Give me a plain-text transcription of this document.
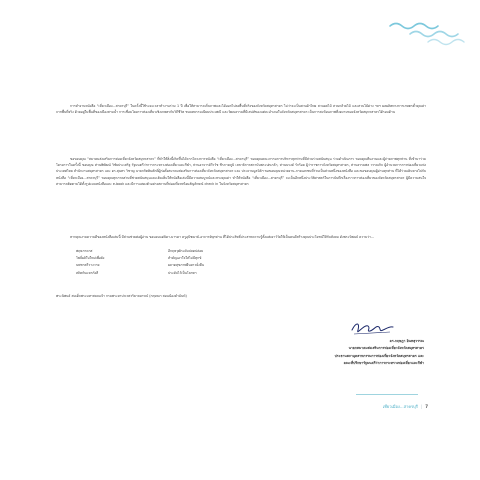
การทำงานหนังสือ “เที่ยวเมือง...สาครบุรี” ในครั้งนี้ใช้ระยะเวลาทำงานร่วม 1 ปี เพื่อให้สามารถเก็บภาพและได้ออกไปลงพื้นที่จริงของจังหวัดสมุทรสาคร ไม่ว่าจะเป็นสวนผ้าไทย สวนผลไม้ สวนกล้วยไม้ และสวนไม้ด่าง ฯลฯ ผลผลิตทางการเกษตรตั้วคุณค่าจากพื้นที่จริง ด้วยอยู่ในพื้นที่ของเมืองสามน้ำ การเชื่อมโยงการท่องเที่ยวเชิงเกษตรกับวิถีชีวิต ชนบทธรรมเนียมประเพณี และวัฒนธรรมที่มีเสน่ห์ของแต่ละอำเภอในจังหวัดสมุทรสาคร เป็นการสะท้อนภาพที่งดงามของจังหวัดสมุทรสาครได้รอบด้าน

ขอขอบคุณ “สมาคมส่งเสริมการท่องเที่ยวจังหวัดสมุทรสาคร” ที่ทำให้สิ่งนี้เกิดขึ้นได้จากโครงการหนังสือ “เที่ยวเมือง...สาครบุรี” ขอบคุณคณะกรรมการบริหารทุกท่านที่มีส่วนร่วมสนับสนุน ร่วมดำเนินการ ขอบคุณทีมงานและผู้ถ่ายภาพทุกท่าน ที่เข้ามาร่วมโครงการในครั้งนี้ ขอบคุณ ท่านพิพัฒน์ วิชัยประเสริฐ รัฐมนตรีว่าการกระทรวงท่องเที่ยวและกีฬา, ท่านอาจารย์วีรวัช ชีรภาคภูมิ เลขาธิการสถาบันพระปกเกล้า, ท่านนรงค์ รักร้อย ผู้ว่าราชการจังหวัดสมุทรสาคร, ท่านธรรมพล วรรณกิจ ผู้อำนวยการการท่องเที่ยวแห่งประเทศไทย สำนักงานสมุทรสาคร และ ดร.สุนทร วิชาญ นายกกิตติมศักดิ์ผู้ก่อตั้งสมาคมส่งเสริมการท่องเที่ยวจังหวัดสมุทรสาคร และ ประธานมูลนิธิฯ ขอขอบคุณหน่วยงาน-ภาคเอกชนที่ร่วมเป็นส่วนหนึ่งของหนังสือ และขอขอบคุณผู้อ่านทุกท่าน ที่ได้ร่วมเดินทางไปกับหนังสือ “เที่ยวเมือง...สาครบุรี” ขอบคุณทุกภาคส่วนที่ช่วยสนับสนุนและเติมเต็มให้หนังสือเล่มนี้มีความสมบูรณ์และทรงคุณค่า ทำให้หนังสือ “เที่ยวเมือง...สาครบุรี” จะเป็นอีกหนึ่งประวัติศาสตร์ในการบันทึกเรื่องราวการท่องเที่ยวของจังหวัดสมุทรสาคร ผู้มีความสนใจสามารถติดตามได้ทั้งรูปแบบหนังสือและ e-book และมีการแสดงตัวอย่างสถานที่ท่องเที่ยวพร้อมสัญลักษณ์ check in ในจังหวัดสมุทรสาคร

หากคุณงามความดีของหนังสือเล่มนี้ มีส่วนช่วยต่อผู้อ่าน ขอมอบแด่บิดา-มารดา ครูอุปัชฌาย์-อาจารย์ทุกท่าน ที่ได้ประสิทธิ์ประสาทความรู้ตั้งแต่เยาว์วัยให้เป็นคนดีสร้างคุณประโยชน์ให้กับสังคม ดังพระนิพนธ์ ความว่า...

พฤษภาคาส	อีกฤษวุฒิระดับปลดปล่อย
โพธิ์ผลิใบใหม่เพื่อยัง	สำคัญเอาใจใส่ไม่มีทุกข์
นพชาตรีวางวาย	ผลาดสุขภาพยืนยาวยั่งยืน
สถิตกันแทรกังสี	ประดับไว้เป็นโลกทา
พระนิพนธ์ สมเด็จพระมหาสมณเจ้า กรมพระยาปวเรศวริยาลงกรณ์ (กฤษณา สอนน้องคำฉันท์)
ดร.กฤษฎา อินทสุวรรณ
นายกสมาคมส่งเสริมการท่องเที่ยวจังหวัดสมุทรสาคร
ประธานสภาอุตสาหกรรมการท่องเที่ยวจังหวัดสมุทรสาคร และ
คณะที่ปรึกษารัฐมนตรีว่าการกระทรวงท่องเที่ยวและกีฬา
เที่ยวเมือง...สาครบุรี | 7
